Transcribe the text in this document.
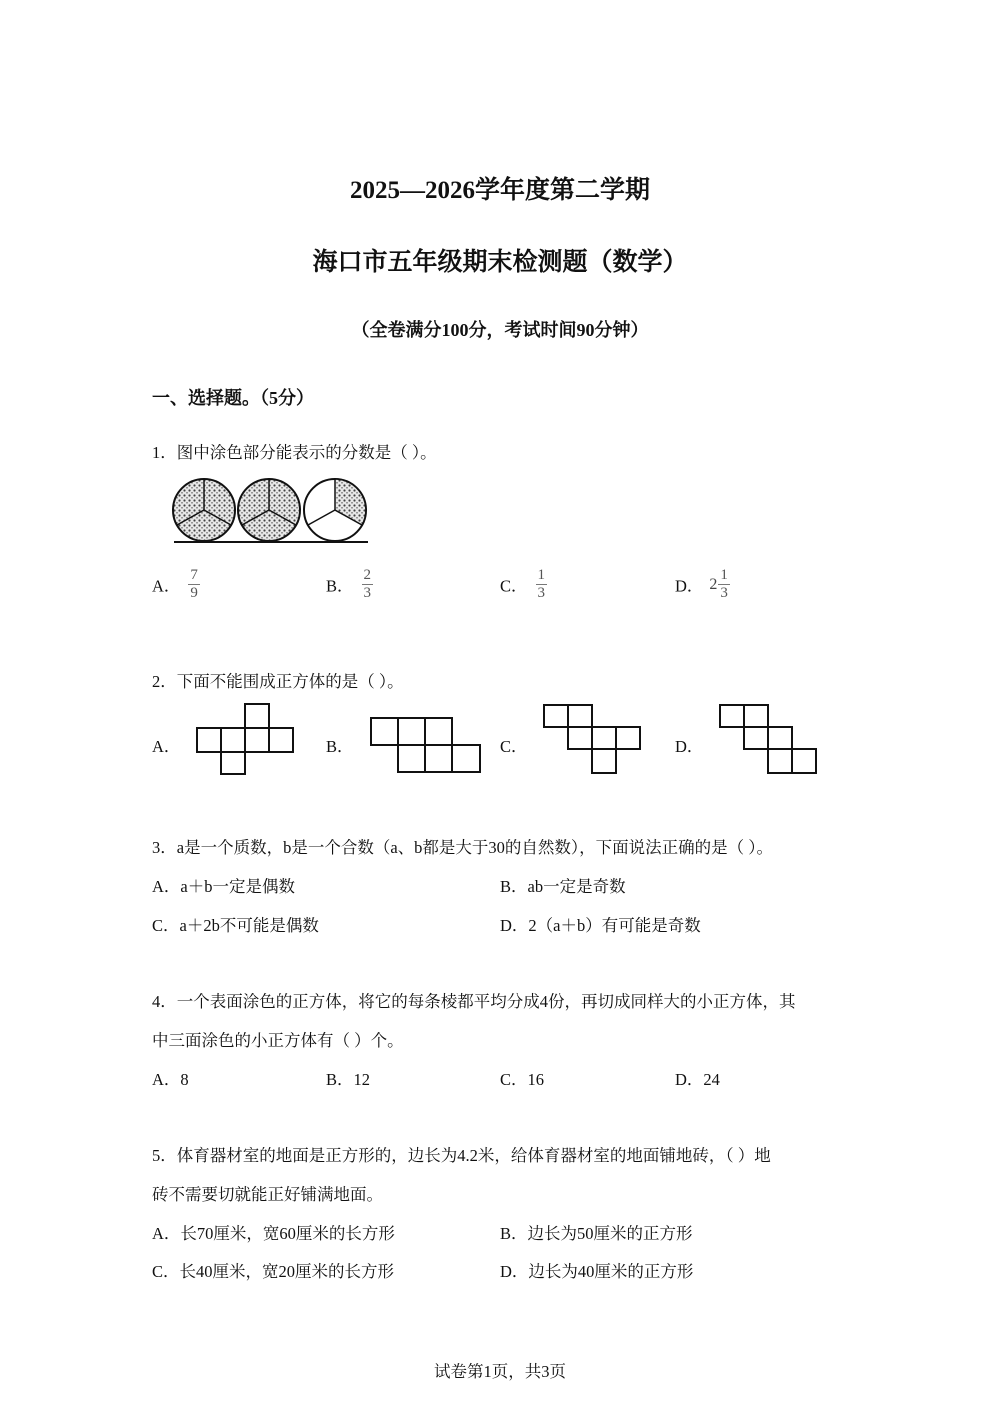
2025—2026学年度第二学期
海口市五年级期末检测题（数学）
（全卷满分100分，考试时间90分钟）
一、选择题。（5分）
1．图中涂色部分能表示的分数是（ ）。
A． $\frac{7}{9}$	B． $\frac{2}{3}$	C． $\frac{1}{3}$	D． $2 \frac{1}{3}$
2．下面不能围成正方体的是（ ）。
A．	B．	C．	D．
3．a是一个质数，b是一个合数（a、b都是大于30的自然数），下面说法正确的是（ ）。
A．a＋b一定是偶数	B．ab一定是奇数
C．a＋2b不可能是偶数	D．2（a＋b）有可能是奇数
4．一个表面涂色的正方体，将它的每条棱都平均分成4份，再切成同样大的小正方体，其
中三面涂色的小正方体有（ ）个。
A．8	B．12	C．16	D．24
5．体育器材室的地面是正方形的，边长为4.2米，给体育器材室的地面铺地砖，（ ）地
砖不需要切就能正好铺满地面。
A．长70厘米，宽60厘米的长方形	B．边长为50厘米的正方形
C．长40厘米，宽20厘米的长方形	D．边长为40厘米的正方形
试卷第1页，共3页
